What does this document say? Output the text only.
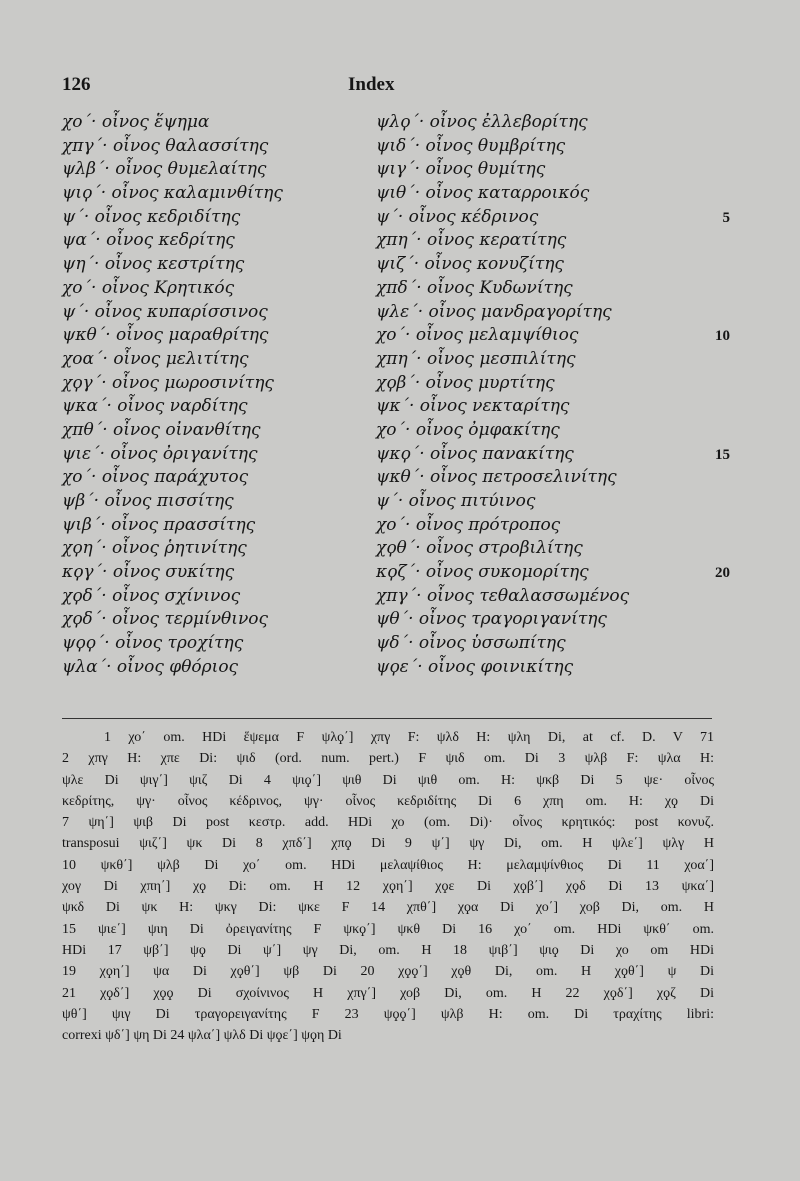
126	Index
χο΄· οἶνος ἕψημα	ψλϙ΄· οἶνος ἐλλεβορίτης
χπγ΄· οἶνος θαλασσίτης	ψιδ΄· οἶνος θυμβρίτης
ψλβ΄· οἶνος θυμελαίτης	ψιγ΄· οἶνος θυμίτης
ψιϙ΄· οἶνος καλαμινθίτης	ψιθ΄· οἶνος καταρροικός
ψ΄· οἶνος κεδριδίτης	ψ΄· οἶνος κέδρινος	5
ψα΄· οἶνος κεδρίτης	χπη΄· οἶνος κερατίτης
ψη΄· οἶνος κεστρίτης	ψιζ΄· οἶνος κονυζίτης
χο΄· οἶνος Κρητικός	χπδ΄· οἶνος Κυδωνίτης
ψ΄· οἶνος κυπαρίσσινος	ψλε΄· οἶνος μανδραγορίτης
ψκθ΄· οἶνος μαραθρίτης	χο΄· οἶνος μελαμψίθιος	10
χοα΄· οἶνος μελιτίτης	χπη΄· οἶνος μεσπιλίτης
χϙγ΄· οἶνος μωροσινίτης	χϙβ΄· οἶνος μυρτίτης
ψκα΄· οἶνος ναρδίτης	ψκ΄· οἶνος νεκταρίτης
χπθ΄· οἶνος οἰνανθίτης	χο΄· οἶνος ὀμφακίτης
ψιε΄· οἶνος ὀριγανίτης	ψκϙ΄· οἶνος πανακίτης	15
χο΄· οἶνος παράχυτος	ψκθ΄· οἶνος πετροσελινίτης
ψβ΄· οἶνος πισσίτης	ψ΄· οἶνος πιτύινος
ψιβ΄· οἶνος πρασσίτης	χο΄· οἶνος πρότροπος
χϙη΄· οἶνος ῥητινίτης	χϙθ΄· οἶνος στροβιλίτης
κϙγ΄· οἶνος συκίτης	κϙζ΄· οἶνος συκομορίτης	20
χϙδ΄· οἶνος σχίνινος	χπγ΄· οἶνος τεθαλασσωμένος
χϙδ΄· οἶνος τερμίνθινος	ψθ΄· οἶνος τραγοριγανίτης
ψϙϙ΄· οἶνος τροχίτης	ψδ΄· οἶνος ὑσσωπίτης
ψλα΄· οἶνος φθόριος	ψϙε΄· οἶνος φοινικίτης
1 χο΄ om. HDi ἕψεμα F ψλϙ΄] χπγ F: ψλδ H: ψλη Di, at cf. D. V 71
2 χπγ H: χπε Di: ψιδ (ord. num. pert.) F ψιδ om. Di 3 ψλβ F: ψλα H:
ψλε Di ψιγ΄] ψιζ Di 4 ψιϙ΄] ψιθ Di ψιθ om. H: ψκβ Di 5 ψε· οἶνος
κεδρίτης, ψγ· οἶνος κέδρινος, ψγ· οἶνος κεδριδίτης Di 6 χπη om. H: χϙ Di
7 ψη΄] ψιβ Di post κεστρ. add. HDi χο (om. Di)· οἶνος κρητικός: post κονυζ.
transposui ψιζ΄] ψκ Di 8 χπδ΄] χπϙ Di 9 ψ΄] ψγ Di, om. H ψλε΄] ψλγ H
10 ψκθ΄] ψλβ Di χο΄ om. HDi μελαψίθιος H: μελαμψίνθιος Di 11 χοα΄]
χογ Di χπη΄] χϙ Di: om. H 12 χϙη΄] χϙε Di χϙβ΄] χϙδ Di 13 ψκα΄]
ψκδ Di ψκ H: ψκγ Di: ψκε F 14 χπθ΄] χϙα Di χο΄] χοβ Di, om. H
15 ψιε΄] ψιη Di ὀρειγανίτης F ψκϙ΄] ψκθ Di 16 χο΄ om. HDi ψκθ΄ om.
HDi 17 ψβ΄] ψϙ Di ψ΄] ψγ Di, om. H 18 ψιβ΄] ψιϙ Di χο om HDi
19 χϙη΄] ψα Di χϙθ΄] ψβ Di 20 χϙϙ΄] χϙθ Di, om. H χϙθ΄] ψ Di
21 χϙδ΄] χϙϙ Di σχοίνινος H χπγ΄] χοβ Di, om. H 22 χϙδ΄] χϙζ Di
ψθ΄] ψιγ Di τραγορειγανίτης F 23 ψϙϙ΄] ψλβ H: om. Di τραχίτης libri:
correxi ψδ΄] ψη Di 24 ψλα΄] ψλδ Di ψϙε΄] ψϙη Di
